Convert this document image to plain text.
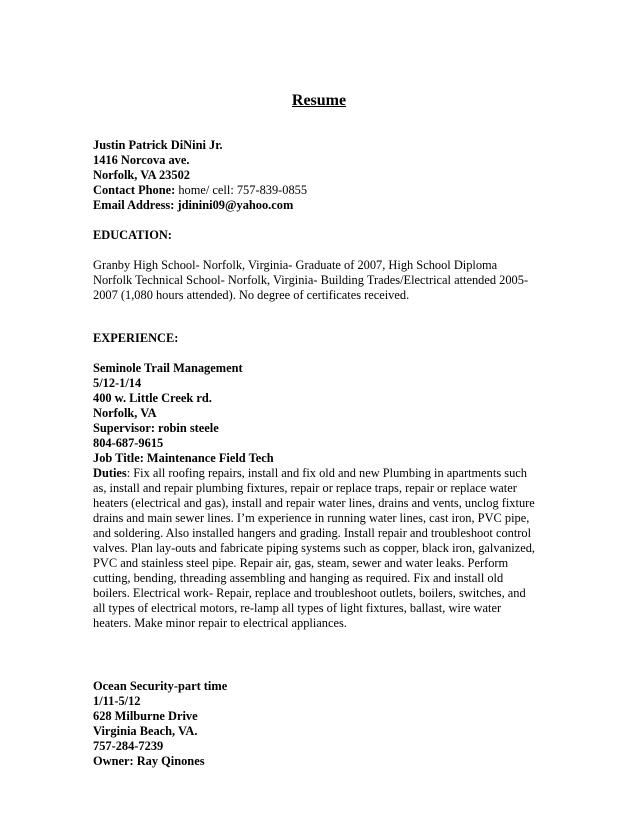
Resume
Justin Patrick DiNini Jr.
1416 Norcova ave.
Norfolk, VA 23502
Contact Phone: home/ cell: 757-839-0855
Email Address: jdinini09@yahoo.com
EDUCATION:
Granby High School- Norfolk, Virginia- Graduate of 2007, High School Diploma
Norfolk Technical School- Norfolk, Virginia- Building Trades/Electrical attended 2005-
2007 (1,080 hours attended). No degree of certificates received.
EXPERIENCE:
Seminole Trail Management
5/12-1/14
400 w. Little Creek rd.
Norfolk, VA
Supervisor: robin steele
804-687-9615
Job Title: Maintenance Field Tech
Duties: Fix all roofing repairs, install and fix old and new Plumbing in apartments such
as, install and repair plumbing fixtures, repair or replace traps, repair or replace water
heaters (electrical and gas), install and repair water lines, drains and vents, unclog fixture
drains and main sewer lines. I’m experience in running water lines, cast iron, PVC pipe,
and soldering. Also installed hangers and grading. Install repair and troubleshoot control
valves. Plan lay-outs and fabricate piping systems such as copper, black iron, galvanized,
PVC and stainless steel pipe. Repair air, gas, steam, sewer and water leaks. Perform
cutting, bending, threading assembling and hanging as required. Fix and install old
boilers. Electrical work- Repair, replace and troubleshoot outlets, boilers, switches, and
all types of electrical motors, re-lamp all types of light fixtures, ballast, wire water
heaters. Make minor repair to electrical appliances.
Ocean Security-part time
1/11-5/12
628 Milburne Drive
Virginia Beach, VA.
757-284-7239
Owner: Ray Qinones
